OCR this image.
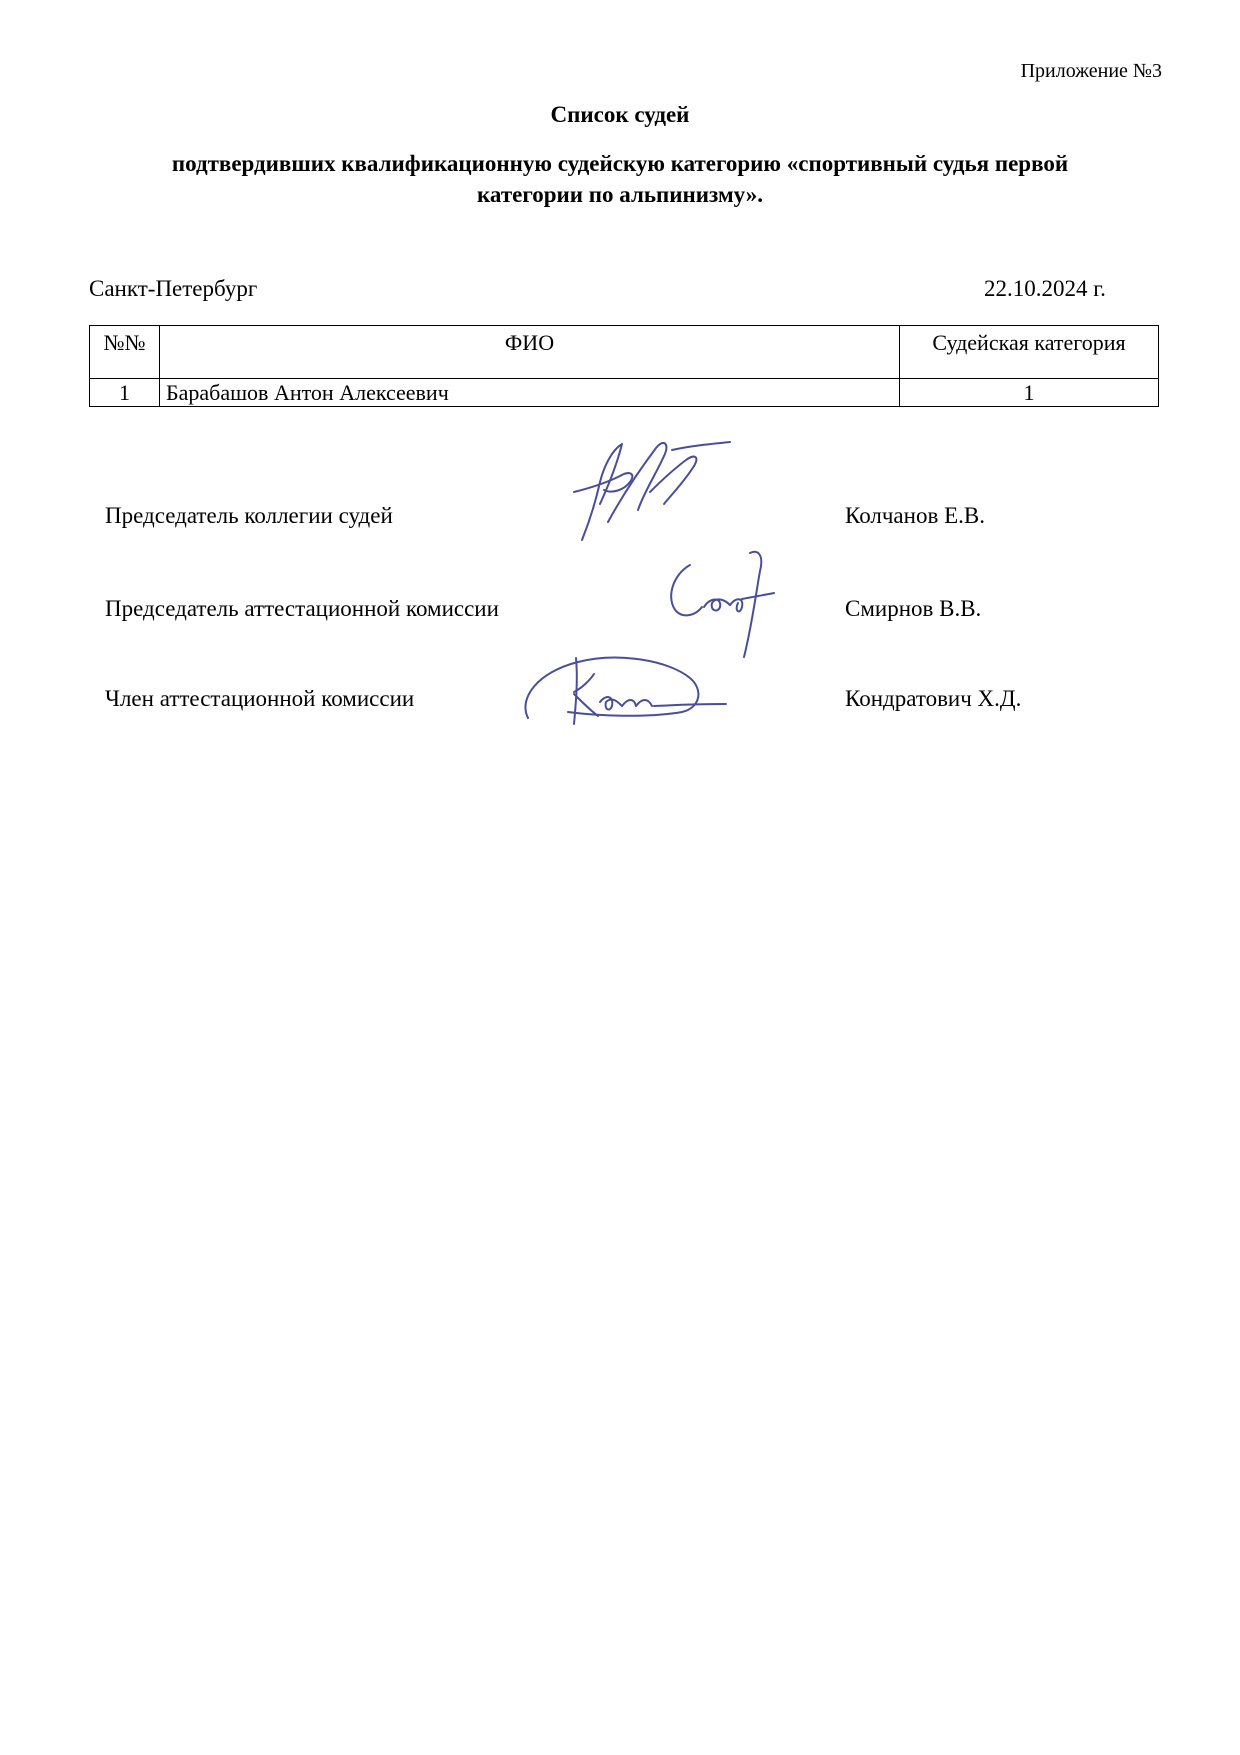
Приложение №3
Список судей
подтвердивших квалификационную судейскую категорию «спортивный судья первой
категории по альпинизму».
Санкт-Петербург	22.10.2024 г.
№№	ФИО	Судейская категория
1	Барабашов Антон Алексеевич	1
Председатель коллегии судей	Колчанов Е.В.
Председатель аттестационной комиссии	Смирнов В.В.
Член аттестационной комиссии	Кондратович Х.Д.
